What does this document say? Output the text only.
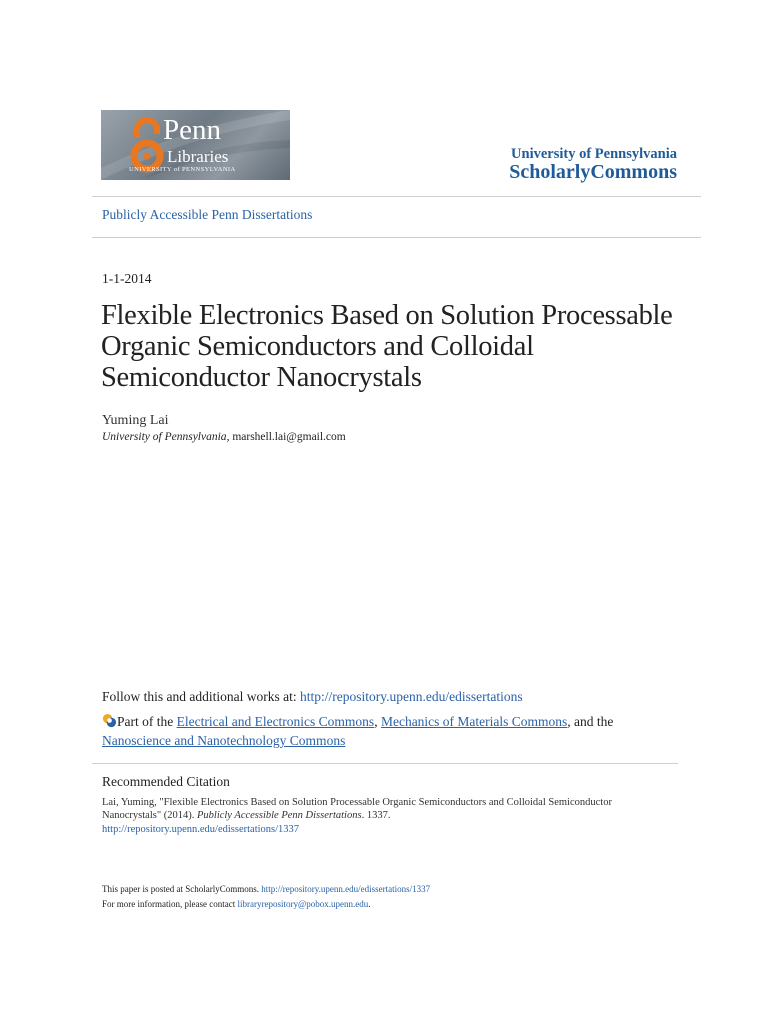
Penn
Libraries
UNIVERSITY of PENNSYLVANIA
University of Pennsylvania
ScholarlyCommons
Publicly Accessible Penn Dissertations
1-1-2014
Flexible Electronics Based on Solution Processable
Organic Semiconductors and Colloidal
Semiconductor Nanocrystals
Yuming Lai
University of Pennsylvania, marshell.lai@gmail.com
Follow this and additional works at: http://repository.upenn.edu/edissertations
Part of the Electrical and Electronics Commons, Mechanics of Materials Commons, and the
Nanoscience and Nanotechnology Commons
Recommended Citation
Lai, Yuming, "Flexible Electronics Based on Solution Processable Organic Semiconductors and Colloidal Semiconductor Nanocrystals" (2014). Publicly Accessible Penn Dissertations. 1337.
http://repository.upenn.edu/edissertations/1337
This paper is posted at ScholarlyCommons. http://repository.upenn.edu/edissertations/1337
For more information, please contact libraryrepository@pobox.upenn.edu.
